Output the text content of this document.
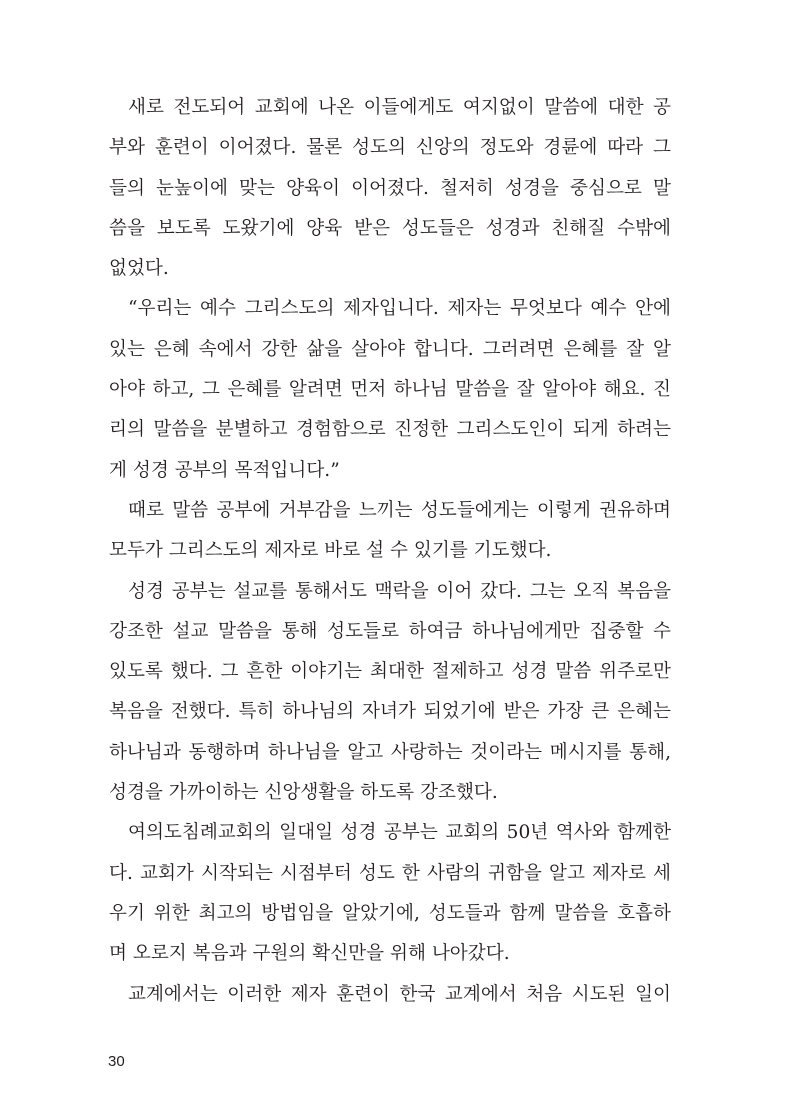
새로 전도되어 교회에 나온 이들에게도 여지없이 말씀에 대한 공
부와 훈련이 이어졌다. 물론 성도의 신앙의 정도와 경륜에 따라 그
들의 눈높이에 맞는 양육이 이어졌다. 철저히 성경을 중심으로 말
씀을 보도록 도왔기에 양육 받은 성도들은 성경과 친해질 수밖에
없었다.
“우리는 예수 그리스도의 제자입니다. 제자는 무엇보다 예수 안에
있는 은혜 속에서 강한 삶을 살아야 합니다. 그러려면 은혜를 잘 알
아야 하고, 그 은혜를 알려면 먼저 하나님 말씀을 잘 알아야 해요. 진
리의 말씀을 분별하고 경험함으로 진정한 그리스도인이 되게 하려는
게 성경 공부의 목적입니다.”
때로 말씀 공부에 거부감을 느끼는 성도들에게는 이렇게 권유하며
모두가 그리스도의 제자로 바로 설 수 있기를 기도했다.
성경 공부는 설교를 통해서도 맥락을 이어 갔다. 그는 오직 복음을
강조한 설교 말씀을 통해 성도들로 하여금 하나님에게만 집중할 수
있도록 했다. 그 흔한 이야기는 최대한 절제하고 성경 말씀 위주로만
복음을 전했다. 특히 하나님의 자녀가 되었기에 받은 가장 큰 은혜는
하나님과 동행하며 하나님을 알고 사랑하는 것이라는 메시지를 통해,
성경을 가까이하는 신앙생활을 하도록 강조했다.
여의도침례교회의 일대일 성경 공부는 교회의 50년 역사와 함께한
다. 교회가 시작되는 시점부터 성도 한 사람의 귀함을 알고 제자로 세
우기 위한 최고의 방법임을 알았기에, 성도들과 함께 말씀을 호흡하
며 오로지 복음과 구원의 확신만을 위해 나아갔다.
교계에서는 이러한 제자 훈련이 한국 교계에서 처음 시도된 일이
30
